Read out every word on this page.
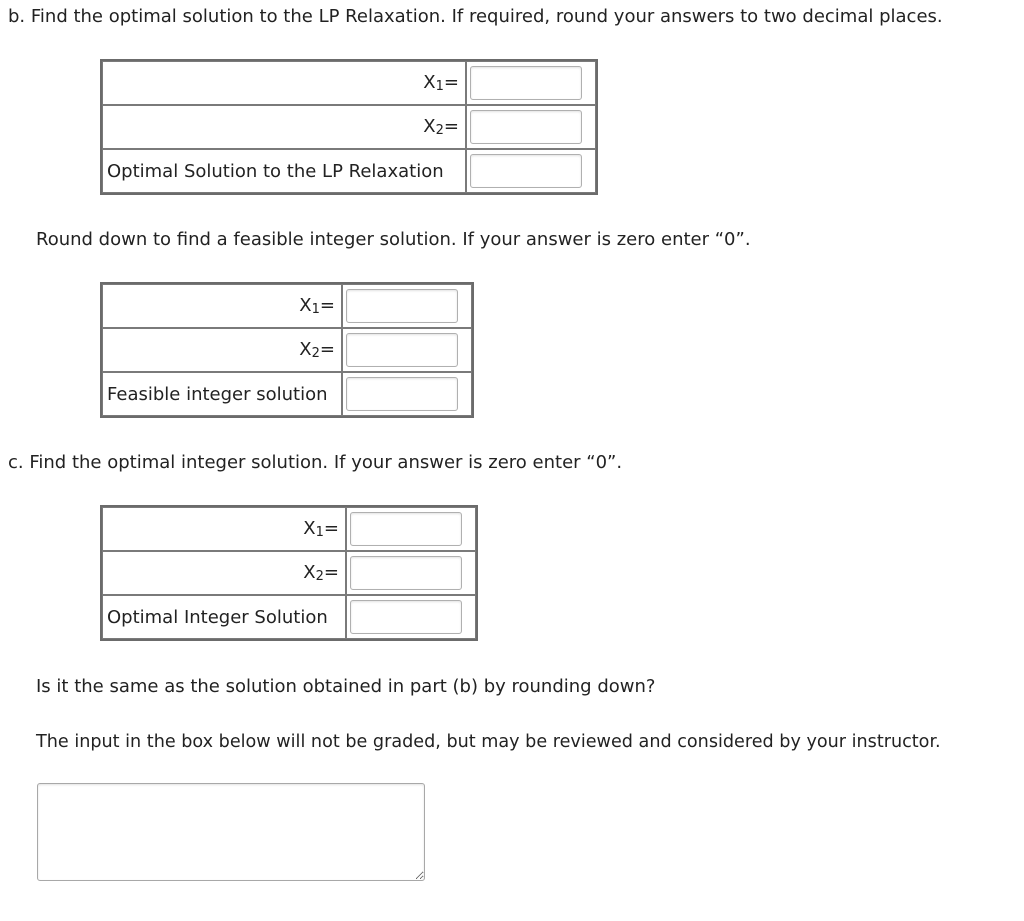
b. Find the optimal solution to the LP Relaxation. If required, round your answers to two decimal places.

$X_1=$	

$X_2=$	

Optimal Solution to the LP Relaxation	

Round down to find a feasible integer solution. If your answer is zero enter “0”.

$X_1=$	

$X_2=$	

Feasible integer solution	

c. Find the optimal integer solution. If your answer is zero enter “0”.

$X_1=$	

$X_2=$	

Optimal Integer Solution	

Is it the same as the solution obtained in part (b) by rounding down?

The input in the box below will not be graded, but may be reviewed and considered by your instructor.
